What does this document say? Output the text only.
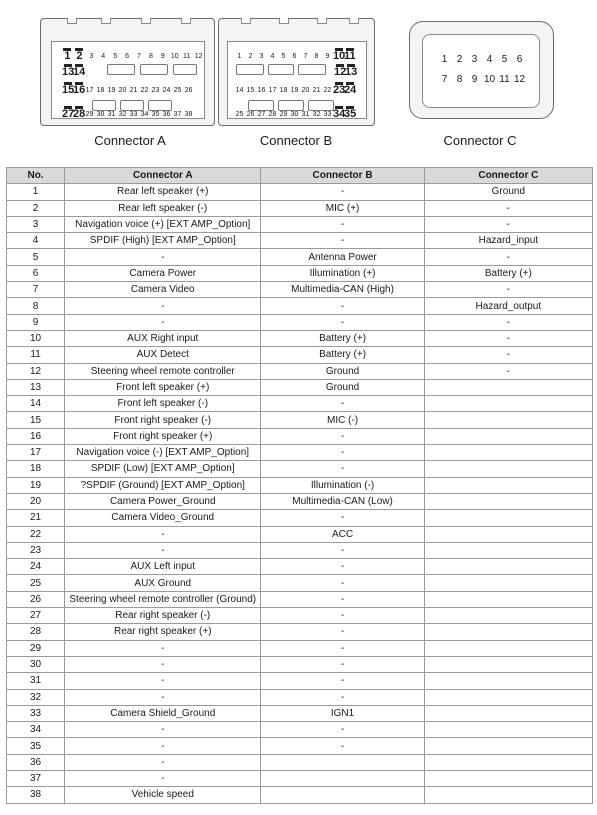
1 2 3	4	5	6	7	8	9 10 11 12
13
14
15
16 17 18 19 20 21 22 23 24 25 26
27
28 29 30 31 32 33 34 35 36 37 38
1	2	3	4	5	6	7	8	9 10
11
12
13
14 15 16 17 18 19 20 21 22 23
24
25 26 27 28 29 30 31 32 33 34
35
1 2 3 4 5 6
7 8 9 10 11 12
Connector A	Connector B	Connector C
No.	Connector A	Connector B	Connector C
1	Rear left speaker (+)	-	Ground
2	Rear left speaker (-)	MIC (+)	-
3	Navigation voice (+) [EXT AMP_Option]	-	-
4	SPDIF (High) [EXT AMP_Option]	-	Hazard_input
5	-	Antenna Power	-
6	Camera Power	Illumination (+)	Battery (+)
7	Camera Video	Multimedia-CAN (High)	-
8	-	-	Hazard_output
9	-	-	-
10	AUX Right input	Battery (+)	-
11	AUX Detect	Battery (+)	-
12	Steering wheel remote controller	Ground	-
13	Front left speaker (+)	Ground	
14	Front left speaker (-)	-	
15	Front right speaker (-)	MIC (-)	
16	Front right speaker (+)	-	
17	Navigation voice (-) [EXT AMP_Option]	-	
18	SPDIF (Low) [EXT AMP_Option]	-	
19	?SPDIF (Ground) [EXT AMP_Option]	Illumination (-)	
20	Camera Power_Ground	Multimedia-CAN (Low)	
21	Camera Video_Ground	-	
22	-	ACC	
23	-	-	
24	AUX Left input	-	
25	AUX Ground	-	
26	Steering wheel remote controller (Ground)	-	
27	Rear right speaker (-)	-	
28	Rear right speaker (+)	-	
29	-	-	
30	-	-	
31	-	-	
32	-	-	
33	Camera Shield_Ground	IGN1	
34	-	-	
35	-	-	
36	-		
37	-		
38	Vehicle speed		
